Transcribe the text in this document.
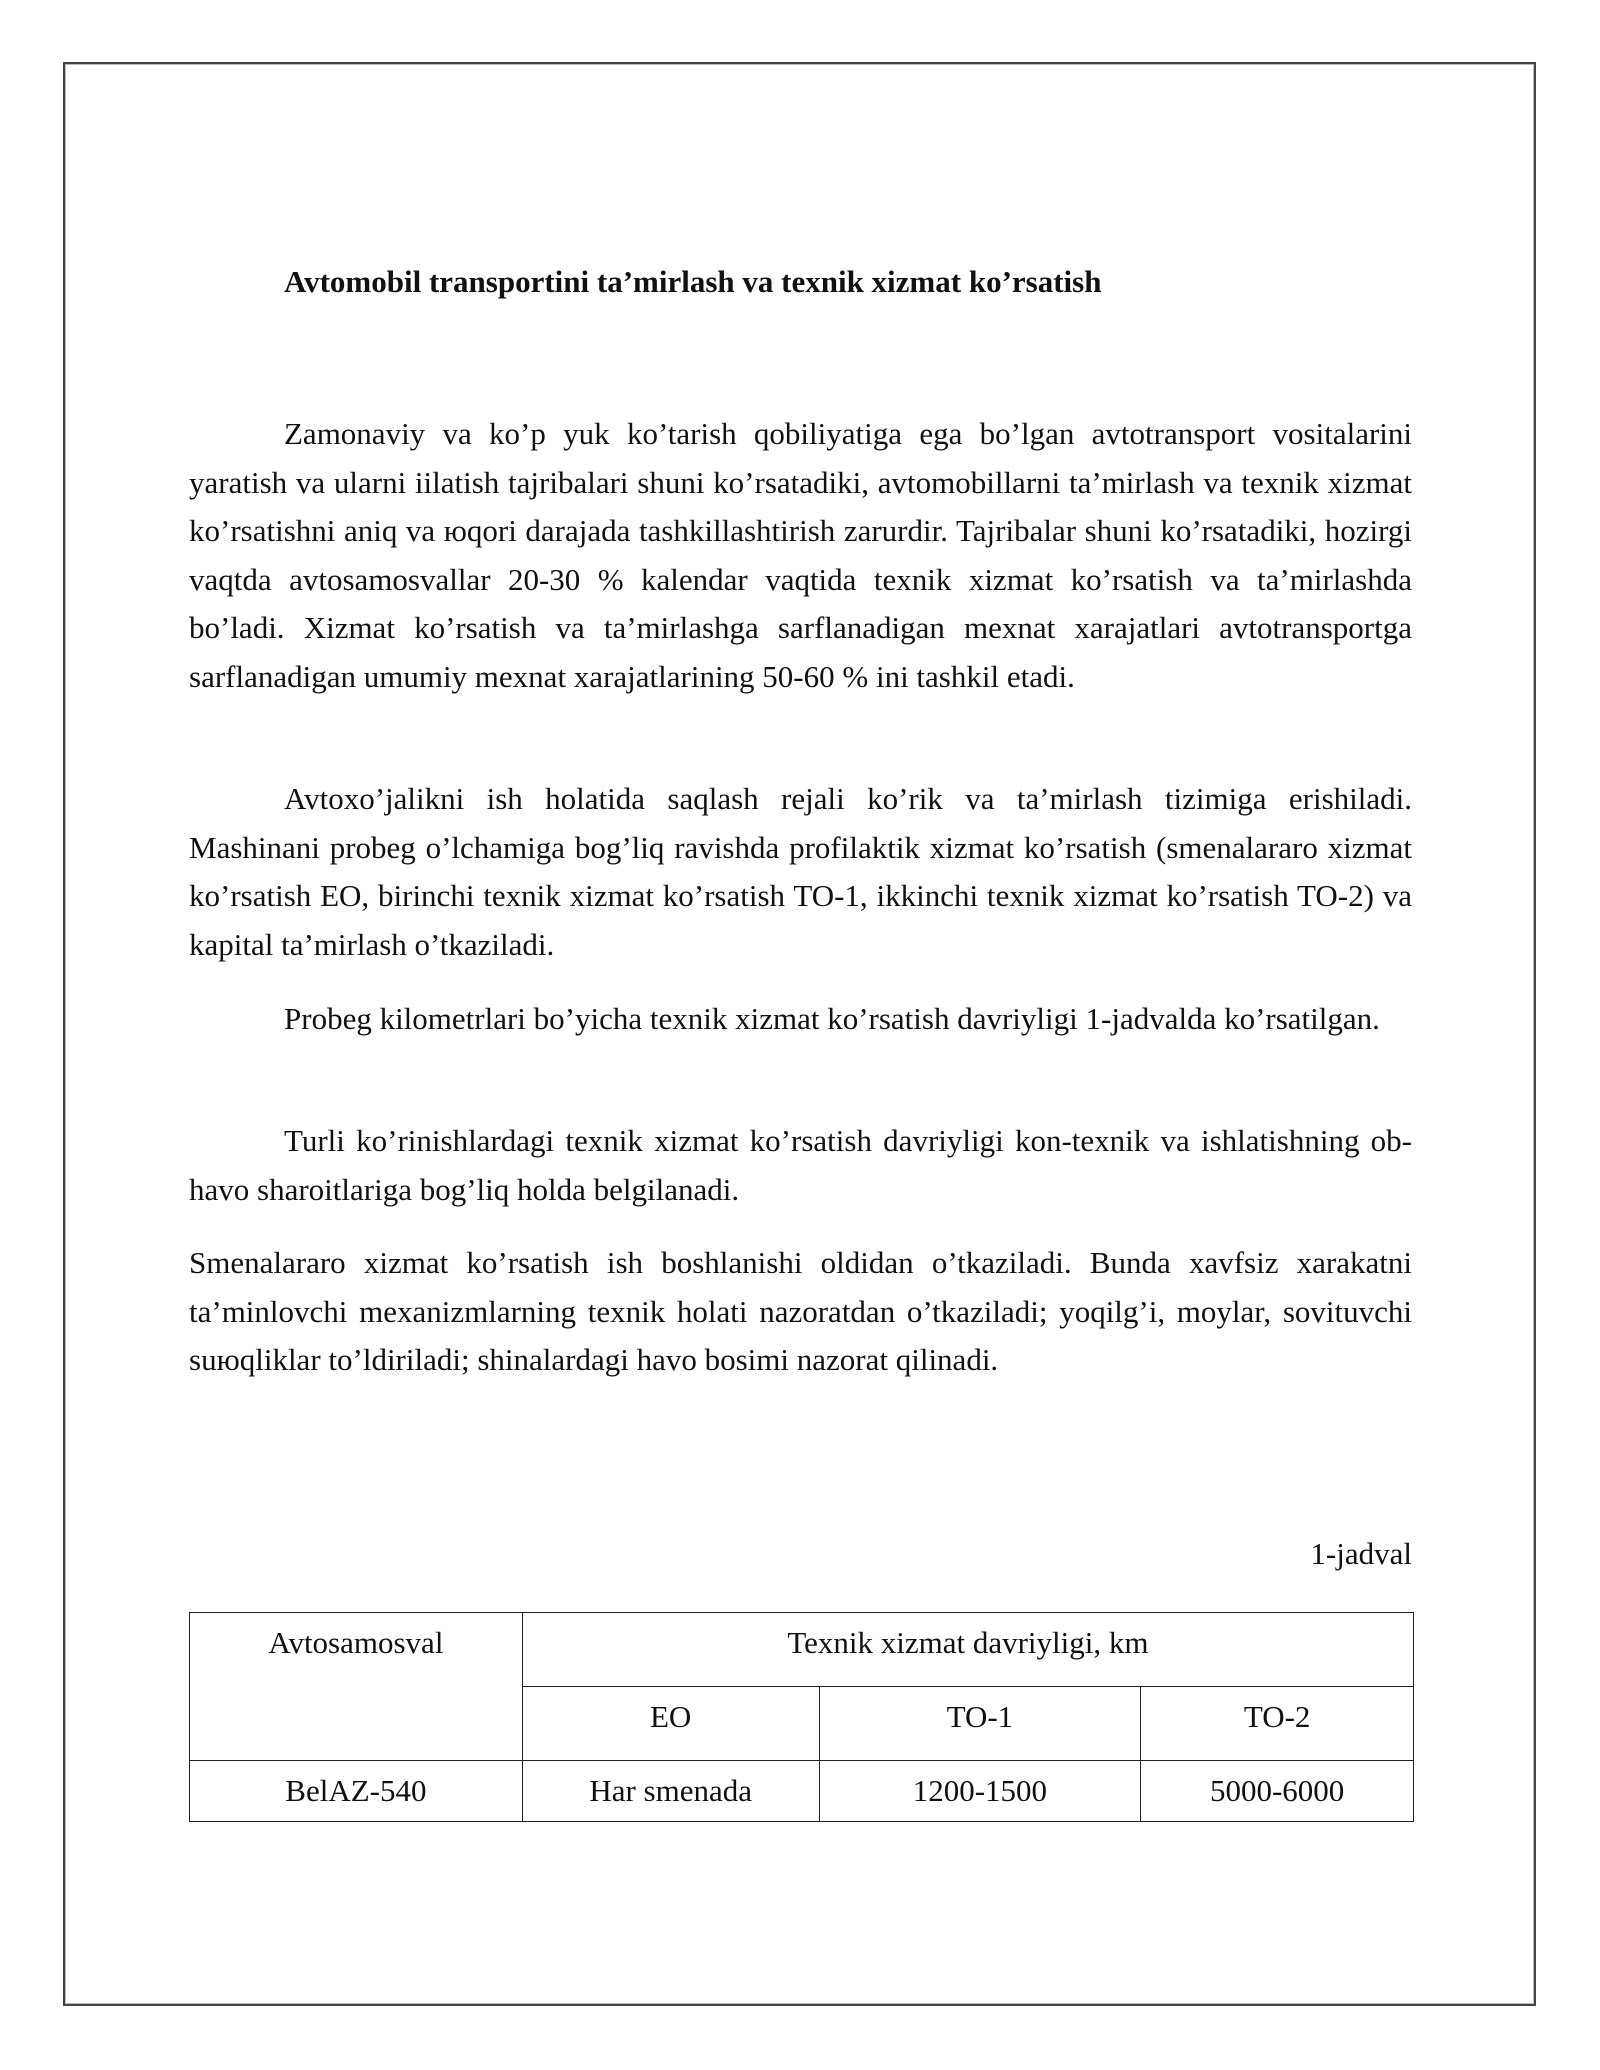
Avtomobil transportini ta’mirlash va texnik xizmat ko’rsatish

Zamonaviy va ko’p yuk ko’tarish qobiliyatiga ega bo’lgan avtotransport vositalarini yaratish va ularni iilatish tajribalari shuni ko’rsatadiki, avtomobillarni ta’mirlash va texnik xizmat ko’rsatishni aniq va юqori darajada tashkillashtirish zarurdir. Tajribalar shuni ko’rsatadiki, hozirgi vaqtda avtosamosvallar 20-30 % kalendar vaqtida texnik xizmat ko’rsatish va ta’mirlashda bo’ladi. Xizmat ko’rsatish va ta’mirlashga sarflanadigan mexnat xarajatlari avtotransportga sarflanadigan umumiy mexnat xarajatlarining 50-60 % ini tashkil etadi.

Avtoxo’jalikni ish holatida saqlash rejali ko’rik va ta’mirlash tizimiga erishiladi. Mashinani probeg o’lchamiga bog’liq ravishda profilaktik xizmat ko’rsatish (smenalararo xizmat ko’rsatish EO, birinchi texnik xizmat ko’rsatish TO-1, ikkinchi texnik xizmat ko’rsatish TO-2) va kapital ta’mirlash o’tkaziladi.

Probeg kilometrlari bo’yicha texnik xizmat ko’rsatish davriyligi 1-jadvalda ko’rsatilgan.

Turli ko’rinishlardagi texnik xizmat ko’rsatish davriyligi kon-texnik va ishlatishning ob-havo sharoitlariga bog’liq holda belgilanadi.

Smenalararo xizmat ko’rsatish ish boshlanishi oldidan o’tkaziladi. Bunda xavfsiz xarakatni ta’minlovchi mexanizmlarning texnik holati nazoratdan o’tkaziladi; yoqilg’i, moylar, sovituvchi suюqliklar to’ldiriladi; shinalardagi havo bosimi nazorat qilinadi.

1-jadval
Avtosamosval	Texnik xizmat davriyligi, km		
	EO	TO-1	TO-2
BelAZ-540	Har smenada	1200-1500	5000-6000
